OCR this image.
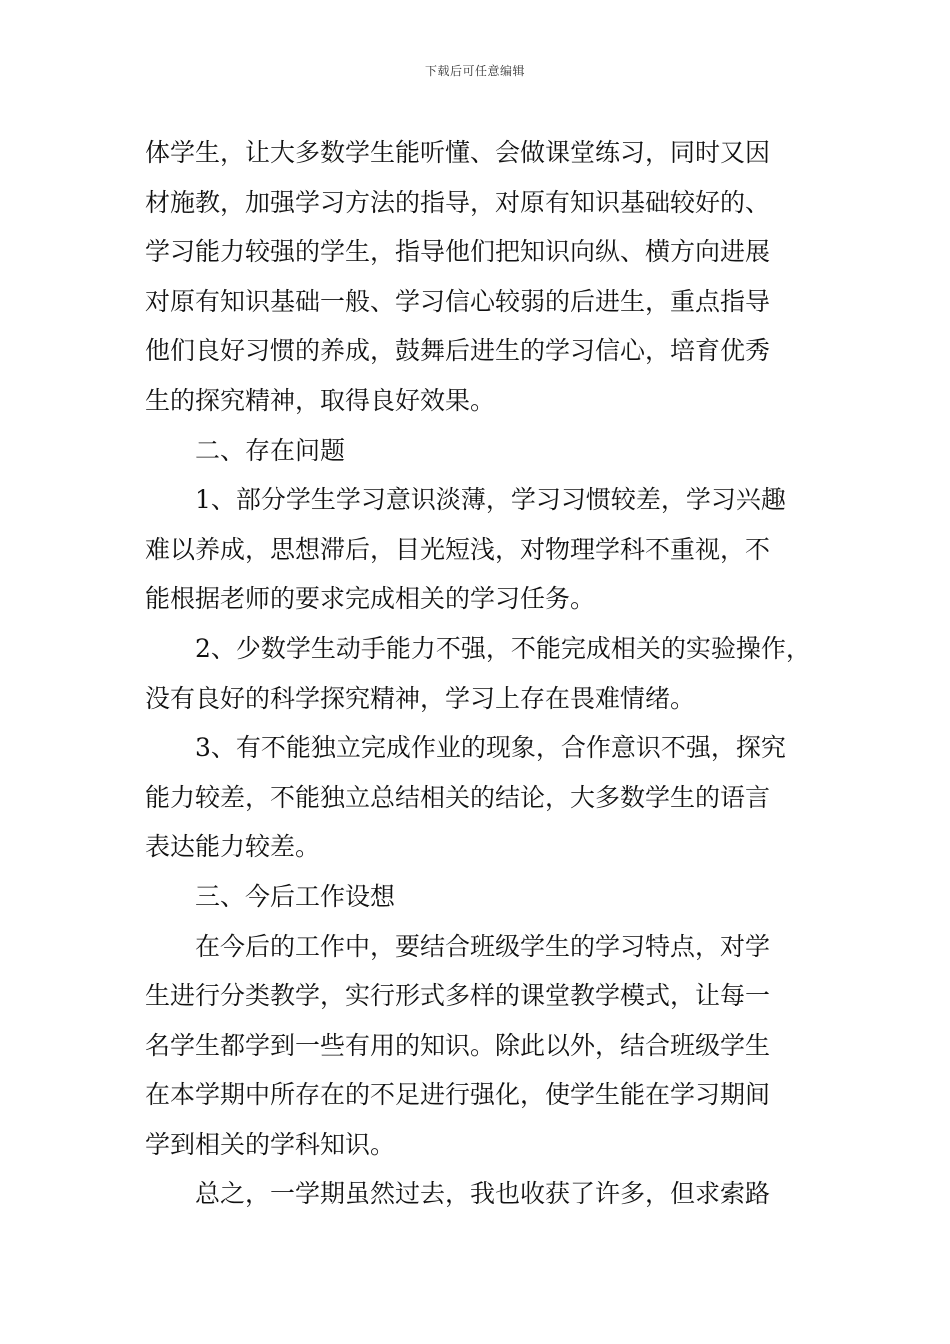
下载后可任意编辑
体学生，让大多数学生能听懂、会做课堂练习，同时又因
材施教，加强学习方法的指导，对原有知识基础较好的、
学习能力较强的学生，指导他们把知识向纵、横方向进展
对原有知识基础一般、学习信心较弱的后进生，重点指导
他们良好习惯的养成，鼓舞后进生的学习信心，培育优秀
生的探究精神，取得良好效果。
二、存在问题
1、部分学生学习意识淡薄，学习习惯较差，学习兴趣
难以养成，思想滞后，目光短浅，对物理学科不重视，不
能根据老师的要求完成相关的学习任务。
2、少数学生动手能力不强，不能完成相关的实验操作，
没有良好的科学探究精神，学习上存在畏难情绪。
3、有不能独立完成作业的现象，合作意识不强，探究
能力较差，不能独立总结相关的结论，大多数学生的语言
表达能力较差。
三、今后工作设想
在今后的工作中，要结合班级学生的学习特点，对学
生进行分类教学，实行形式多样的课堂教学模式，让每一
名学生都学到一些有用的知识。除此以外，结合班级学生
在本学期中所存在的不足进行强化，使学生能在学习期间
学到相关的学科知识。
总之，一学期虽然过去，我也收获了许多，但求索路
